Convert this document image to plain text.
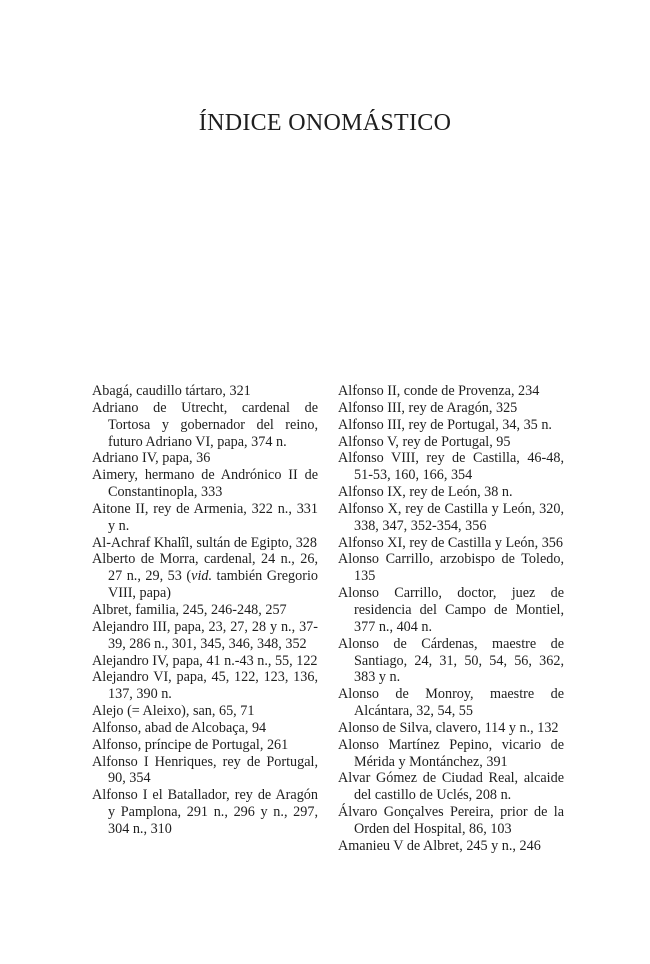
ÍNDICE ONOMÁSTICO

Abagá, caudillo tártaro, 321

Adriano de Utrecht, cardenal de Tortosa y gobernador del reino, futuro Adriano VI, papa, 374 n.

Adriano IV, papa, 36

Aimery, hermano de Andrónico II de Constantinopla, 333

Aitone II, rey de Armenia, 322 n., 331 y n.

Al-Achraf Khalîl, sultán de Egipto, 328

Alberto de Morra, cardenal, 24 n., 26, 27 n., 29, 53 (vid. también Gregorio VIII, papa)

Albret, familia, 245, 246-248, 257

Alejandro III, papa, 23, 27, 28 y n., 37-39, 286 n., 301, 345, 346, 348, 352

Alejandro IV, papa, 41 n.-43 n., 55, 122

Alejandro VI, papa, 45, 122, 123, 136, 137, 390 n.

Alejo (= Aleixo), san, 65, 71

Alfonso, abad de Alcobaça, 94

Alfonso, príncipe de Portugal, 261

Alfonso I Henriques, rey de Portugal, 90, 354

Alfonso I el Batallador, rey de Aragón y Pamplona, 291 n., 296 y n., 297, 304 n., 310

Alfonso II, conde de Provenza, 234

Alfonso III, rey de Aragón, 325

Alfonso III, rey de Portugal, 34, 35 n.

Alfonso V, rey de Portugal, 95

Alfonso VIII, rey de Castilla, 46-48, 51-53, 160, 166, 354

Alfonso IX, rey de León, 38 n.

Alfonso X, rey de Castilla y León, 320, 338, 347, 352-354, 356

Alfonso XI, rey de Castilla y León, 356

Alonso Carrillo, arzobispo de Toledo, 135

Alonso Carrillo, doctor, juez de residencia del Campo de Montiel, 377 n., 404 n.

Alonso de Cárdenas, maestre de Santiago, 24, 31, 50, 54, 56, 362, 383 y n.

Alonso de Monroy, maestre de Alcántara, 32, 54, 55

Alonso de Silva, clavero, 114 y n., 132

Alonso Martínez Pepino, vicario de Mérida y Montánchez, 391

Alvar Gómez de Ciudad Real, alcaide del castillo de Uclés, 208 n.

Álvaro Gonçalves Pereira, prior de la Orden del Hospital, 86, 103

Amanieu V de Albret, 245 y n., 246
